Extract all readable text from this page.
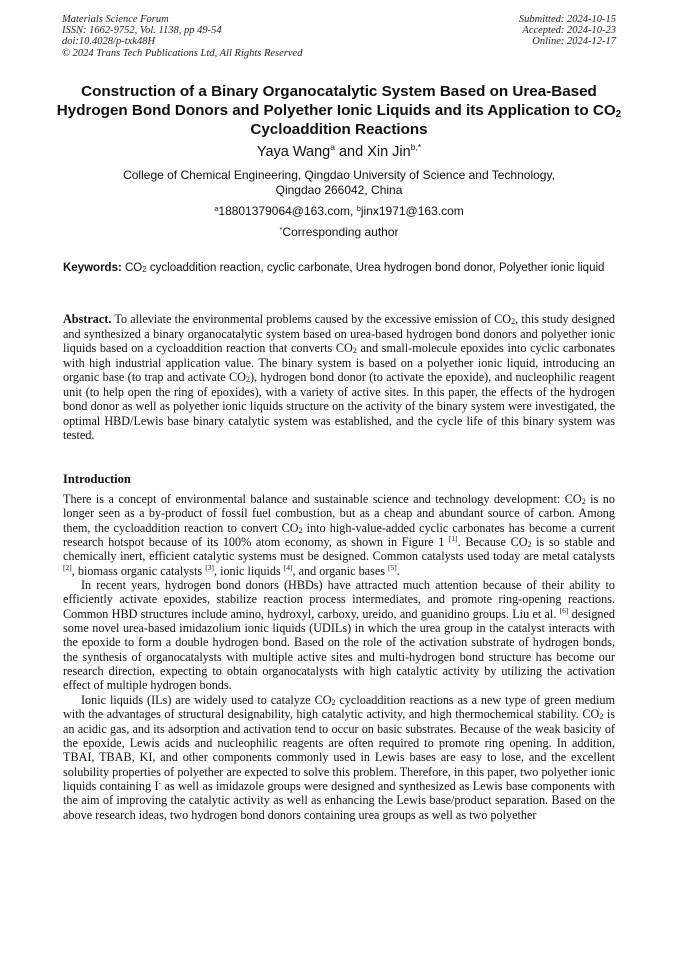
Materials Science Forum
ISSN: 1662-9752, Vol. 1138, pp 49-54
doi:10.4028/p-txk48H
© 2024 Trans Tech Publications Ltd, All Rights Reserved
Submitted: 2024-10-15
Accepted: 2024-10-23
Online: 2024-12-17
Construction of a Binary Organocatalytic System Based on Urea-Based Hydrogen Bond Donors and Polyether Ionic Liquids and its Application to $CO_2$ Cycloaddition Reactions
Yaya Wang$^a$ and Xin Jin$^{b,*}$
College of Chemical Engineering, Qingdao University of Science and Technology,
Qingdao 266042, China
$^a$18801379064@163.com, $^b$jinx1971@163.com
*Corresponding author
Keywords: $CO_2$ cycloaddition reaction, cyclic carbonate, Urea hydrogen bond donor, Polyether ionic liquid
Abstract. To alleviate the environmental problems caused by the excessive emission of $CO_2$, this study designed and synthesized a binary organocatalytic system based on urea-based hydrogen bond donors and polyether ionic liquids based on a cycloaddition reaction that converts $CO_2$ and small-molecule epoxides into cyclic carbonates with high industrial application value. The binary system is based on a polyether ionic liquid, introducing an organic base (to trap and activate $CO_2$), hydrogen bond donor (to activate the epoxide), and nucleophilic reagent unit (to help open the ring of epoxides), with a variety of active sites. In this paper, the effects of the hydrogen bond donor as well as polyether ionic liquids structure on the activity of the binary system were investigated, the optimal HBD/Lewis base binary catalytic system was established, and the cycle life of this binary system was tested.
Introduction

There is a concept of environmental balance and sustainable science and technology development: $CO_2$ is no longer seen as a by-product of fossil fuel combustion, but as a cheap and abundant source of carbon. Among them, the cycloaddition reaction to convert $CO_2$ into high-value-added cyclic carbonates has become a current research hotspot because of its 100% atom economy, as shown in Figure 1 [1]. Because $CO_2$ is so stable and chemically inert, efficient catalytic systems must be designed. Common catalysts used today are metal catalysts [2], biomass organic catalysts [3], ionic liquids [4], and organic bases [5].

In recent years, hydrogen bond donors (HBDs) have attracted much attention because of their ability to efficiently activate epoxides, stabilize reaction process intermediates, and promote ring-opening reactions. Common HBD structures include amino, hydroxyl, carboxy, ureido, and guanidino groups. Liu et al. [6] designed some novel urea-based imidazolium ionic liquids (UDILs) in which the urea group in the catalyst interacts with the epoxide to form a double hydrogen bond. Based on the role of the activation substrate of hydrogen bonds, the synthesis of organocatalysts with multiple active sites and multi-hydrogen bond structure has become our research direction, expecting to obtain organocatalysts with high catalytic activity by utilizing the activation effect of multiple hydrogen bonds.

Ionic liquids (ILs) are widely used to catalyze $CO_2$ cycloaddition reactions as a new type of green medium with the advantages of structural designability, high catalytic activity, and high thermochemical stability. $CO_2$ is an acidic gas, and its adsorption and activation tend to occur on basic substrates. Because of the weak basicity of the epoxide, Lewis acids and nucleophilic reagents are often required to promote ring opening. In addition, TBAI, TBAB, KI, and other components commonly used in Lewis bases are easy to lose, and the excellent solubility properties of polyether are expected to solve this problem. Therefore, in this paper, two polyether ionic liquids containing I- as well as imidazole groups were designed and synthesized as Lewis base components with the aim of improving the catalytic activity as well as enhancing the Lewis base/product separation. Based on the above research ideas, two hydrogen bond donors containing urea groups as well as two polyether
